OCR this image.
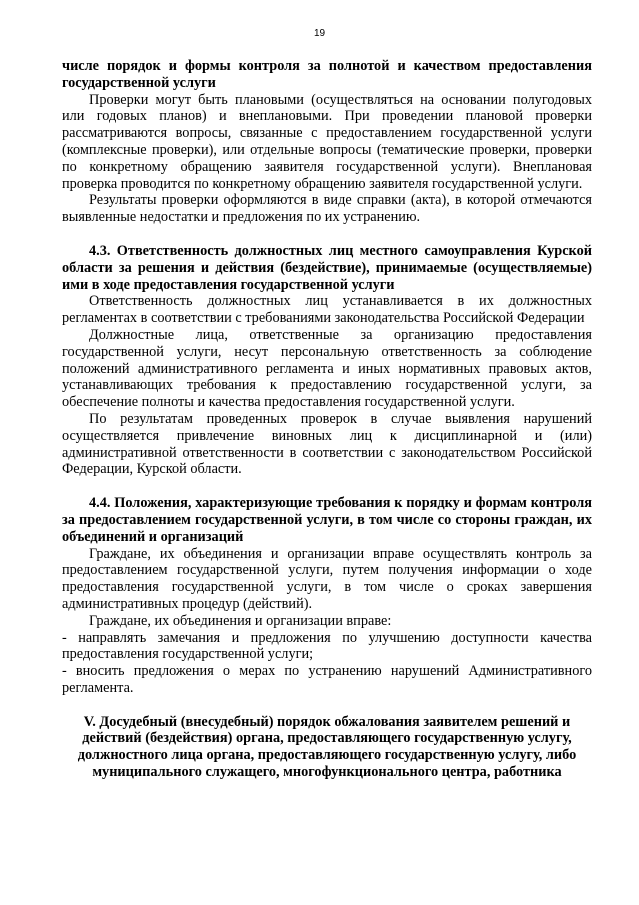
19

числе порядок и формы контроля за полнотой и качеством предоставления государственной услуги

Проверки могут быть плановыми (осуществляться на основании полугодовых или годовых планов) и внеплановыми. При проведении плановой проверки рассматриваются вопросы, связанные с предоставлением государственной услуги (комплексные проверки), или отдельные вопросы (тематические проверки, проверки по конкретному обращению заявителя государственной услуги). Внеплановая проверка проводится по конкретному обращению заявителя государственной услуги.

Результаты проверки оформляются в виде справки (акта), в которой отмечаются выявленные недостатки и предложения по их устранению.

4.3. Ответственность должностных лиц местного самоуправления Курской области за решения и действия (бездействие), принимаемые (осуществляемые) ими в ходе предоставления государственной услуги

Ответственность должностных лиц устанавливается в их должностных регламентах в соответствии с требованиями законодательства Российской Федерации

Должностные лица, ответственные за организацию предоставления государственной услуги, несут персональную ответственность за соблюдение положений административного регламента и иных нормативных правовых актов, устанавливающих требования к предоставлению государственной услуги, за обеспечение полноты и качества предоставления государственной услуги.

По результатам проведенных проверок в случае выявления нарушений осуществляется привлечение виновных лиц к дисциплинарной и (или) административной ответственности в соответствии с законодательством Российской Федерации, Курской области.

4.4. Положения, характеризующие требования к порядку и формам контроля за предоставлением государственной услуги, в том числе со стороны граждан, их объединений и организаций

Граждане, их объединения и организации вправе осуществлять контроль за предоставлением государственной услуги, путем получения информации о ходе предоставления государственной услуги, в том числе о сроках завершения административных процедур (действий).

Граждане, их объединения и организации вправе:

- направлять замечания и предложения по улучшению доступности качества предоставления государственной услуги;

- вносить предложения о мерах по устранению нарушений Административного регламента.

V. Досудебный (внесудебный) порядок обжалования заявителем решений и действий (бездействия) органа, предоставляющего государственную услугу, должностного лица органа, предоставляющего государственную услугу, либо муниципального служащего, многофункционального центра, работника
